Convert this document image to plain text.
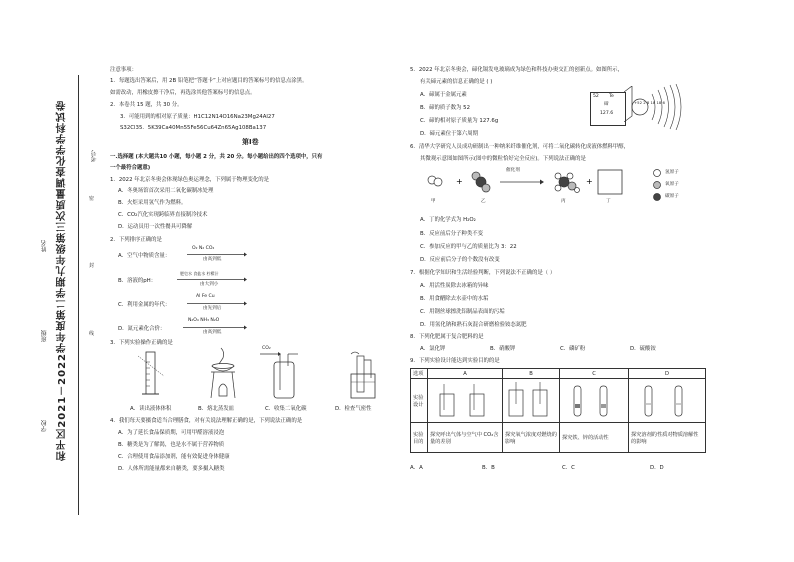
和平区2021－2022学年度第二学期九年级第三次质量调查化学学科试卷	考号
姓名
班级
学校
密
封
线
注意事项：
1．每题选出答案后，用 2B 铅笔把“答题卡”上对应题目的答案标号的信息点涂黑。
如需改动，用橡皮擦干净后，再选涂其他答案标号的信息点。
2．本卷共 15 题，共 30 分。
3．可能用到的相对原子质量：H1C12N14O16Na23Mg24Al27
S32Cl35．5K39Ca40Mn55Fe56Cu64Zn65Ag108Ba137
第Ⅰ卷
一.选择题 (本大题共10 小题，每小题 2 分，共 20 分。每小题给出的四个选项中，只有
一个最符合题意)
1．2022 年北京冬奥会体现绿色奥运理念，下列属于物理变化的是
A．冬奥场馆首次采用二氧化碳制冰处理
B．火炬采用氢气作为燃料。
C．CO₂汽化实现跨临界直接制冷技术
D．运动员用一次性餐具可降解
2．下列排序正确的是
A．空气中物质含量：
O₂ N₂ CO₂
由高到低
B．溶液的pH：
肥皂水 食盐水 柠檬汁
由大到小
C．利用金属的年代：
Al Fe Cu
由先到后
D．氮元素化合价：
N₂O₄ NH₃ N₂O
由高到低
3．下列实验操作正确的是
CO₂
A．读出液体体积	B．熔北蒸发皿	C．收集二氧化碳	D．检查气密性
4．我们每天要摄食适当合理膳食，对有关说法理解正确的是，下列说法正确的是
A．为了延长食品保质期，可用甲醛溶液浸泡
B．糖类是为了解渴，也是水不属于营养物质
C．合理使用食品添加剂，能有效促进身体健康
D．人体所需能量都来自糖类，要多摄入糖类
5．2022 年北京冬奥会，碲化镉发电玻璃成为绿色和科技办奥交汇的创新点。如图所示，
有关碲元素的信息正确的是 ( )
A．碲属于金属元素
B．碲的质子数为 52
C．碲的相对原子质量为 127.6g
D．碲元素位于第六周期
52 Te
碲
127.6
+52 2 8 18 18 6
6．清华大学研究人员成功研制出一种纳米纤维催化剂，可将二氧化碳转化成液体燃料甲醇，
其微观示意图如图所示(图中的微粒恰好完全反应)。下列说法正确的是
+	+
催化剂
甲	乙	丙	丁
氢原子
氧原子
碳原子
A．丁的化学式为 H₂O₂
B．反应前后分子种类不变
C．参加反应的甲与乙的质量比为 3：22
D．反应前后分子的个数没有改变
7．根据化学知识和生活经验判断，下列说法不正确的是（ ）
A．用活性炭除去冰箱的异味
B．用食醋除去水壶中的水垢
C．用钢丝球擦洗铝制品表面的污垢
D．用氢化钠和熟石灰混合研磨检验铵态氮肥
8．下列化肥属于复合肥料的是
A．氯化钾	B．硝酸钾	C．磷矿粉	D．硫酸铵
9．下列实验设计能达到实验目的的是
选项	A	B	C	D
实验设计				
实验目的	探究呼出气体与空气中 CO₂含量的差别	探究氧气浓度对燃烧的影响	探究铁、锌的活动性	探究溶剂的性质对物质溶解性的影响
A．A	B．B	C．C	D．D
